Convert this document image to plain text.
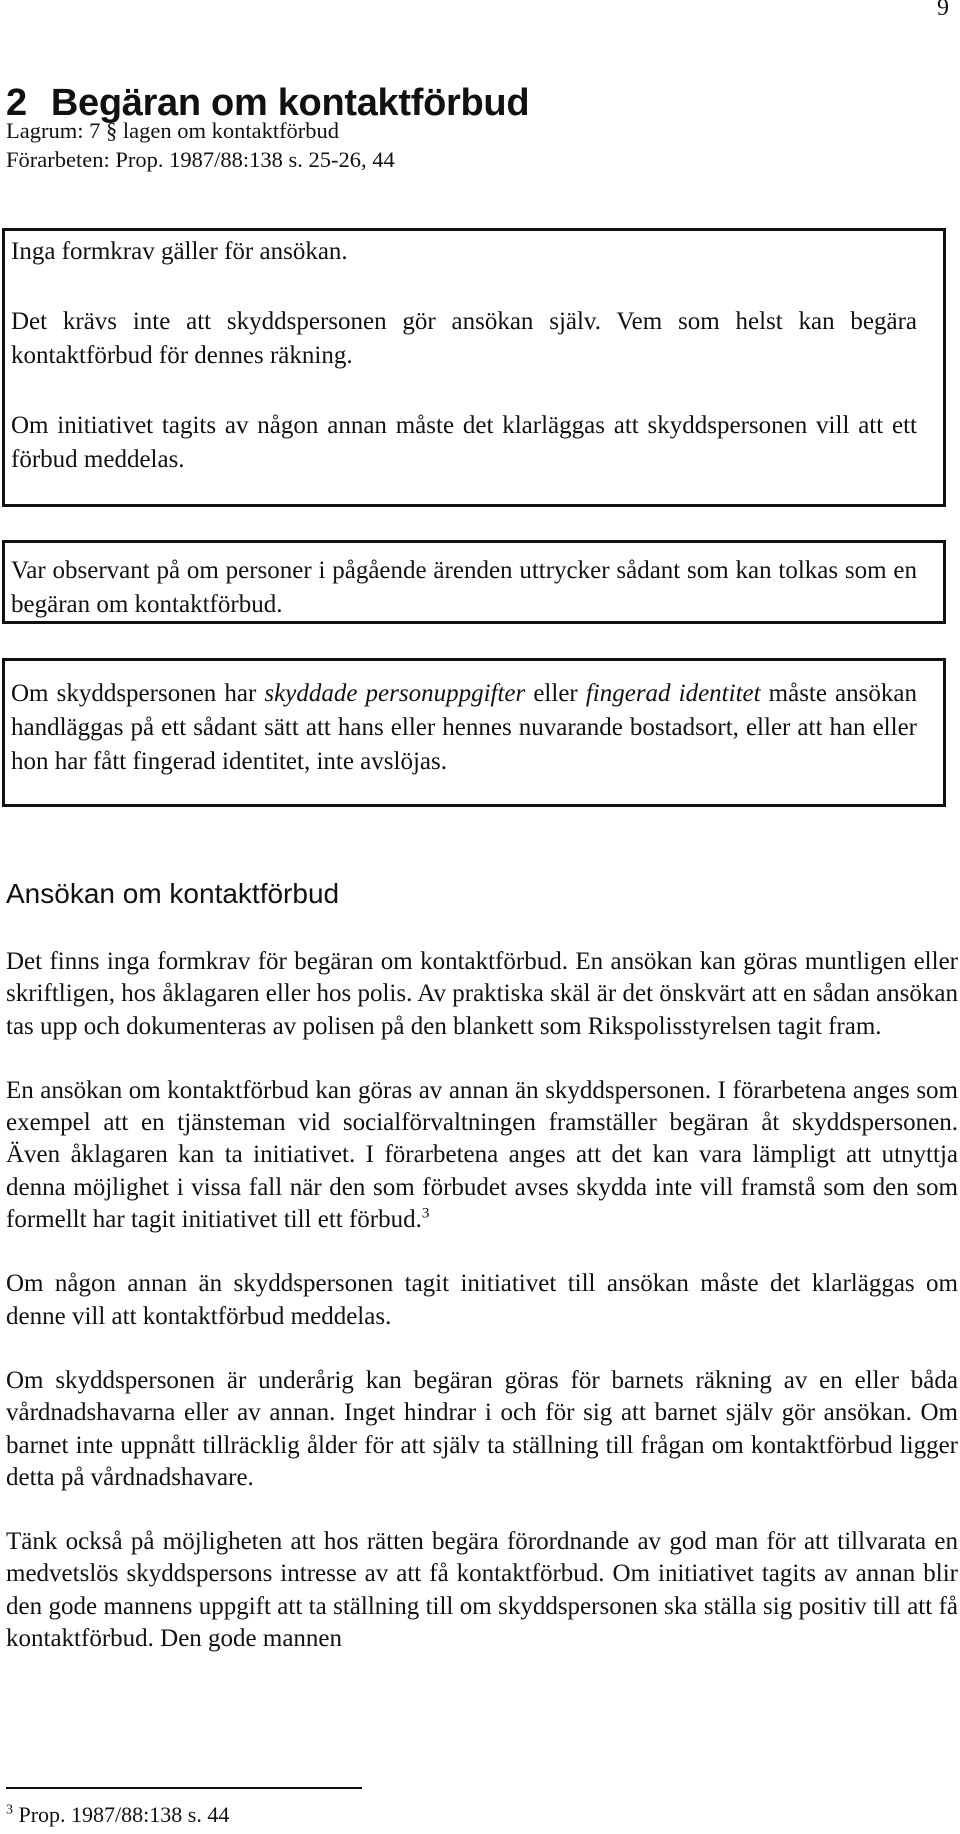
9
2 Begäran om kontaktförbud
Lagrum: 7 § lagen om kontaktförbud
Förarbeten: Prop. 1987/88:138 s. 25-26, 44

Inga formkrav gäller för ansökan.

Det krävs inte att skyddspersonen gör ansökan själv. Vem som helst kan begära kontaktförbud för dennes räkning.

Om initiativet tagits av någon annan måste det klarläggas att skyddspersonen vill att ett förbud meddelas.

Var observant på om personer i pågående ärenden uttrycker sådant som kan tolkas som en begäran om kontaktförbud.

Om skyddspersonen har skyddade personuppgifter eller fingerad identitet måste ansökan handläggas på ett sådant sätt att hans eller hennes nuvarande bostadsort, eller att han eller hon har fått fingerad identitet, inte avslöjas.

Ansökan om kontaktförbud

Det finns inga formkrav för begäran om kontaktförbud. En ansökan kan göras muntligen eller skriftligen, hos åklagaren eller hos polis. Av praktiska skäl är det önskvärt att en sådan ansökan tas upp och dokumenteras av polisen på den blankett som Rikspolisstyrelsen tagit fram.

En ansökan om kontaktförbud kan göras av annan än skyddspersonen. I förarbetena anges som exempel att en tjänsteman vid socialförvaltningen framställer begäran åt skyddspersonen. Även åklagaren kan ta initiativet. I förarbetena anges att det kan vara lämpligt att utnyttja denna möjlighet i vissa fall när den som förbudet avses skydda inte vill framstå som den som formellt har tagit initiativet till ett förbud.$^3$

Om någon annan än skyddspersonen tagit initiativet till ansökan måste det klarläggas om denne vill att kontaktförbud meddelas.

Om skyddspersonen är underårig kan begäran göras för barnets räkning av en eller båda vårdnadshavarna eller av annan. Inget hindrar i och för sig att barnet själv gör ansökan. Om barnet inte uppnått tillräcklig ålder för att själv ta ställning till frågan om kontaktförbud ligger detta på vårdnadshavare.

Tänk också på möjligheten att hos rätten begära förordnande av god man för att tillvarata en medvetslös skyddspersons intresse av att få kontaktförbud. Om initiativet tagits av annan blir den gode mannens uppgift att ta ställning till om skyddspersonen ska ställa sig positiv till att få kontaktförbud. Den gode mannen

$^3$ Prop. 1987/88:138 s. 44
